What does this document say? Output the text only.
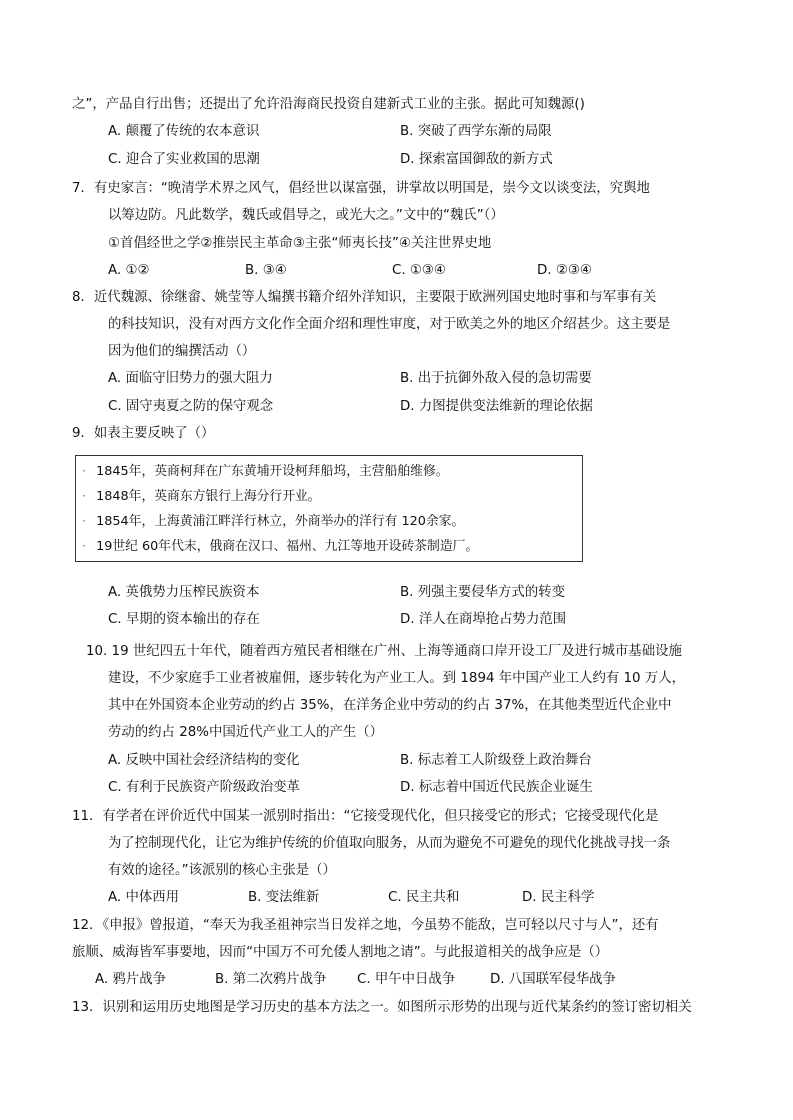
· 1845年，英商柯拜在广东黄埔开设柯拜船坞，主营船舶维修。
· 1848年，英商东方银行上海分行开业。
· 1854年，上海黄浦江畔洋行林立，外商举办的洋行有 120余家。
· 19世纪 60年代末，俄商在汉口、福州、九江等地开设砖茶制造厂。
之”，产品自行出售；还提出了允许沿海商民投资自建新式工业的主张。据此可知魏源()
A. 颠覆了传统的农本意识	B. 突破了西学东渐的局限
C. 迎合了实业救国的思潮	D. 探索富国御敌的新方式
7．有史家言：“晚清学术界之风气，倡经世以谋富强，讲掌故以明国是，崇今文以谈变法，究舆地
以筹边防。凡此数学，魏氏或倡导之，或光大之。”文中的“魏氏”（）
①首倡经世之学②推崇民主革命③主张“师夷长技”④关注世界史地
A. ①②	B. ③④	C. ①③④	D. ②③④
8．近代魏源、徐继畲、姚莹等人编撰书籍介绍外洋知识，主要限于欧洲列国史地时事和与军事有关
的科技知识，没有对西方文化作全面介绍和理性审度，对于欧美之外的地区介绍甚少。这主要是
因为他们的编撰活动（）
A. 面临守旧势力的强大阻力	B. 出于抗御外敌入侵的急切需要
C. 固守夷夏之防的保守观念	D. 力图提供变法维新的理论依据
9．如表主要反映了（）
A. 英俄势力压榨民族资本	B. 列强主要侵华方式的转变
C. 早期的资本输出的存在	D. 洋人在商埠抢占势力范围
10. 19 世纪四五十年代，随着西方殖民者相继在广州、上海等通商口岸开设工厂及进行城市基础设施
建设，不少家庭手工业者被雇佣，逐步转化为产业工人。到 1894 年中国产业工人约有 10 万人，
其中在外国资本企业劳动的约占 35%，在洋务企业中劳动的约占 37%，在其他类型近代企业中
劳动的约占 28%中国近代产业工人的产生（）
A. 反映中国社会经济结构的变化	B. 标志着工人阶级登上政治舞台
C. 有利于民族资产阶级政治变革	D. 标志着中国近代民族企业诞生
11．有学者在评价近代中国某一派别时指出：“它接受现代化，但只接受它的形式；它接受现代化是
为了控制现代化，让它为维护传统的价值取向服务，从而为避免不可避免的现代化挑战寻找一条
有效的途径。”该派别的核心主张是（）
A. 中体西用	B. 变法维新	C. 民主共和	D. 民主科学
12．《申报》曾报道，“奉天为我圣祖神宗当日发祥之地，今虽势不能敌，岂可轻以尺寸与人”，还有
旅顺、威海皆军事要地，因而“中国万不可允倭人割地之请”。与此报道相关的战争应是（）
A. 鸦片战争	B. 第二次鸦片战争 C. 甲午中日战争	D. 八国联军侵华战争
13．识别和运用历史地图是学习历史的基本方法之一。如图所示形势的出现与近代某条约的签订密切相关
